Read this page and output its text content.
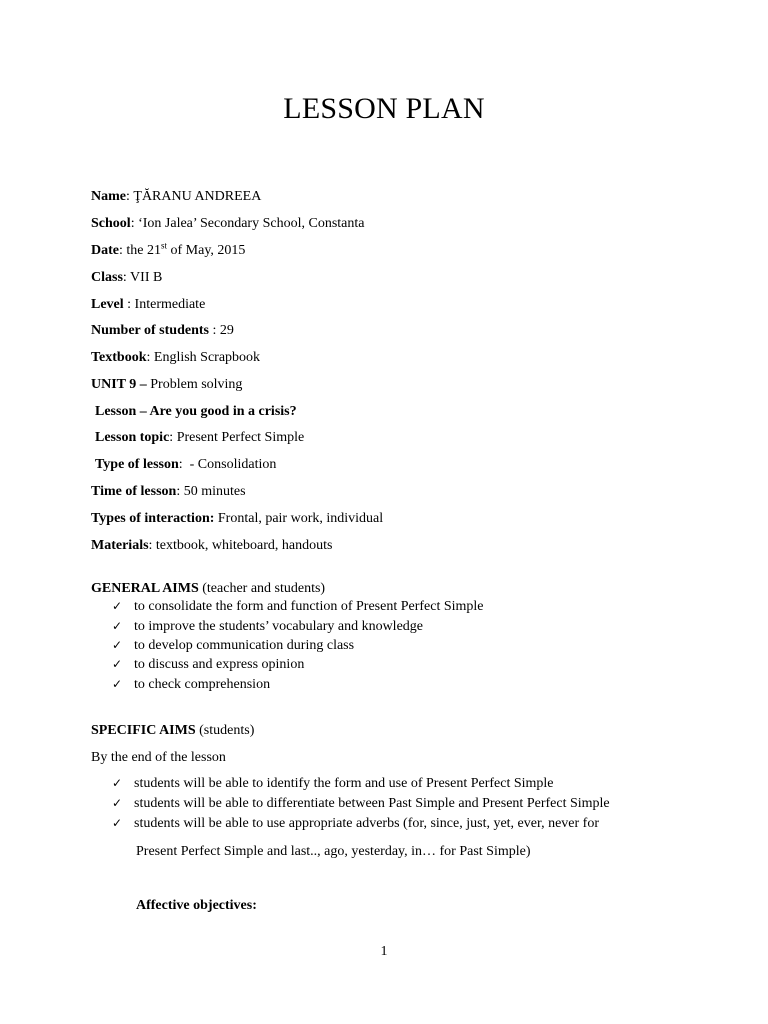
LESSON PLAN
Name: ŢĂRANU ANDREEA
School: ‘Ion Jalea’ Secondary School, Constanta
Date: the 21st of May, 2015
Class: VII B
Level : Intermediate
Number of students : 29
Textbook: English Scrapbook
UNIT 9 – Problem solving
Lesson – Are you good in a crisis?
Lesson topic: Present Perfect Simple
Type of lesson:  - Consolidation
Time of lesson: 50 minutes
Types of interaction: Frontal, pair work, individual
Materials: textbook, whiteboard, handouts
GENERAL AIMS (teacher and students)
✓ to consolidate the form and function of Present Perfect Simple
✓ to improve the students’ vocabulary and knowledge
✓ to develop communication during class
✓ to discuss and express opinion
✓ to check comprehension
SPECIFIC AIMS (students)
By the end of the lesson
✓ students will be able to identify the form and use of Present Perfect Simple
✓ students will be able to differentiate between Past Simple and Present Perfect Simple
✓ students will be able to use appropriate adverbs (for, since, just, yet, ever, never for
Present Perfect Simple and last.., ago, yesterday, in… for Past Simple)
Affective objectives:
1
